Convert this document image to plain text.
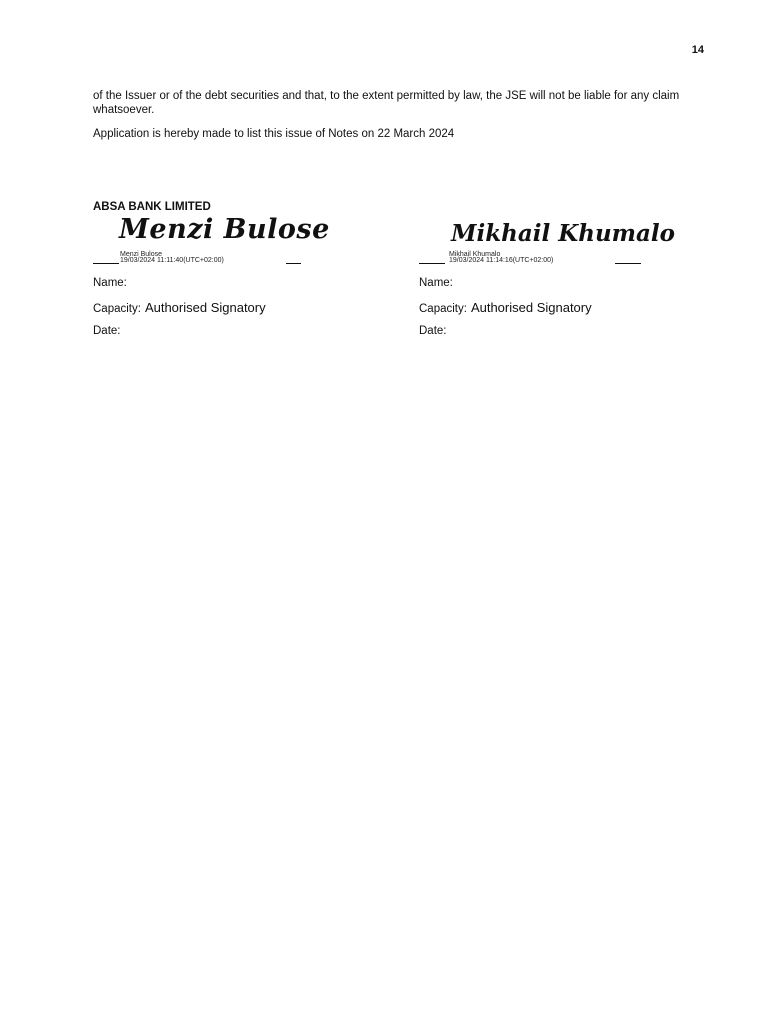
14
of the Issuer or of the debt securities and that, to the extent permitted by law, the JSE will not be liable for any claim whatsoever.
Application is hereby made to list this issue of Notes on 22 March 2024
ABSA BANK LIMITED
Menzi Bulose
Menzi Bulose
19/03/2024 11:11:40(UTC+02:00)
Name:
Capacity: Authorised Signatory
Date:
Mikhail Khumalo
Mikhail Khumalo
19/03/2024 11:14:16(UTC+02:00)
Name:
Capacity: Authorised Signatory
Date:
